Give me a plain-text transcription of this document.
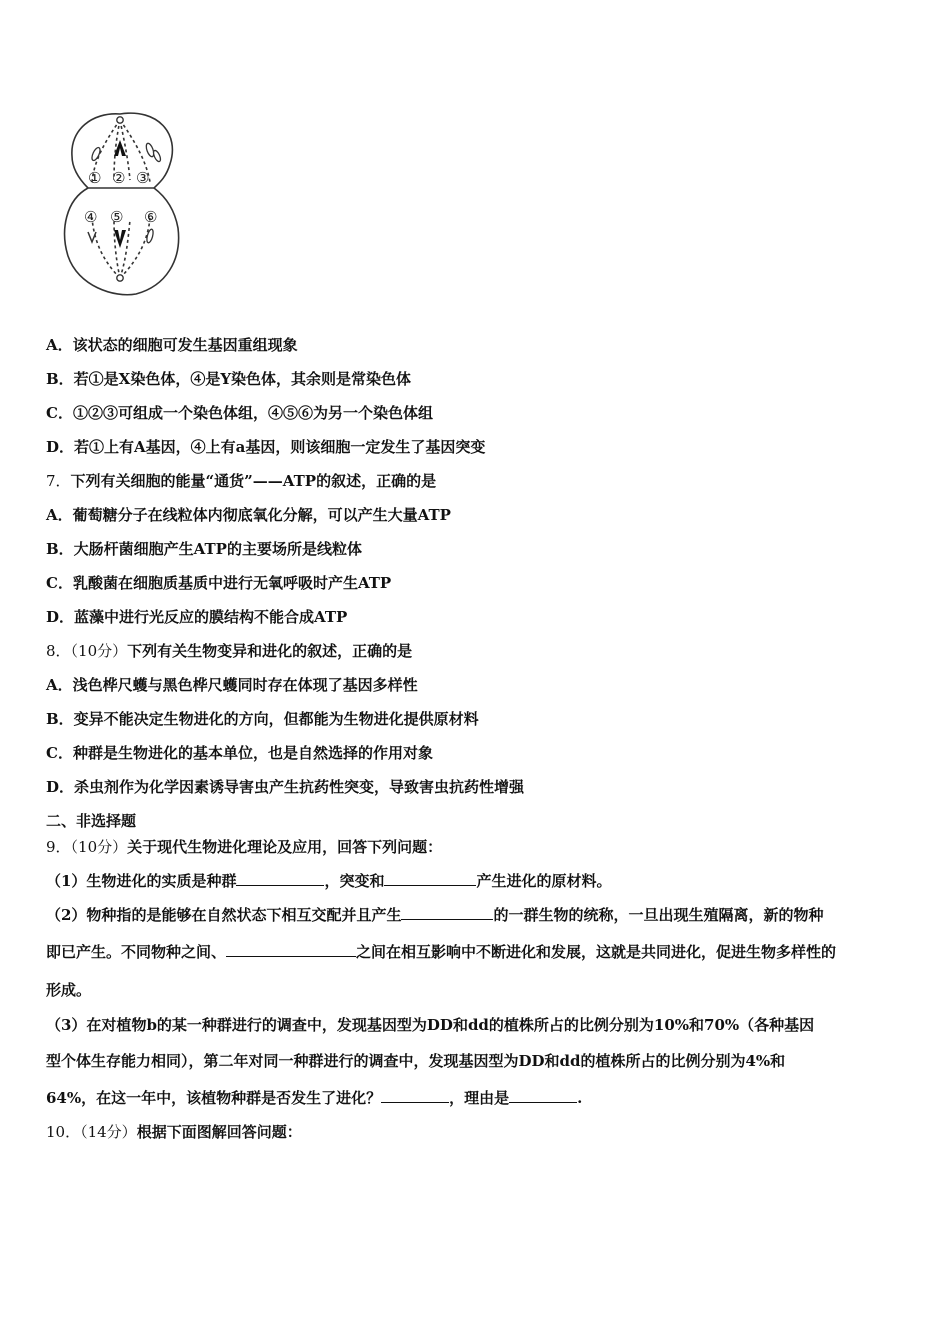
① ② ③
④ ⑤ ⑥
A．该状态的细胞可发生基因重组现象
B．若①是X染色体，④是Y染色体，其余则是常染色体
C．①②③可组成一个染色体组，④⑤⑥为另一个染色体组
D．若①上有A基因，④上有a基因，则该细胞一定发生了基因突变
7．下列有关细胞的能量“通货”——ATP的叙述，正确的是
A．葡萄糖分子在线粒体内彻底氧化分解，可以产生大量ATP
B．大肠杆菌细胞产生ATP的主要场所是线粒体
C．乳酸菌在细胞质基质中进行无氧呼吸时产生ATP
D．蓝藻中进行光反应的膜结构不能合成ATP
8．（10分）下列有关生物变异和进化的叙述，正确的是
A．浅色桦尺蠖与黑色桦尺蠖同时存在体现了基因多样性
B．变异不能决定生物进化的方向，但都能为生物进化提供原材料
C．种群是生物进化的基本单位，也是自然选择的作用对象
D．杀虫剂作为化学因素诱导害虫产生抗药性突变，导致害虫抗药性增强
二、非选择题
9．（10分）关于现代生物进化理论及应用，回答下列问题：
（1）生物进化的实质是种群	，突变和	产生进化的原材料。
（2）物种指的是能够在自然状态下相互交配并且产生	的一群生物的统称，一旦出现生殖隔离，新的物种
即已产生。不同物种之间、	之间在相互影响中不断进化和发展，这就是共同进化，促进生物多样性的
形成。
（3）在对植物b的某一种群进行的调查中，发现基因型为DD和dd的植株所占的比例分别为10%和70%（各种基因
型个体生存能力相同），第二年对同一种群进行的调查中，发现基因型为DD和dd的植株所占的比例分别为4%和
64%，在这一年中，该植物种群是否发生了进化？	，理由是	.
10．（14分）根据下面图解回答问题：
